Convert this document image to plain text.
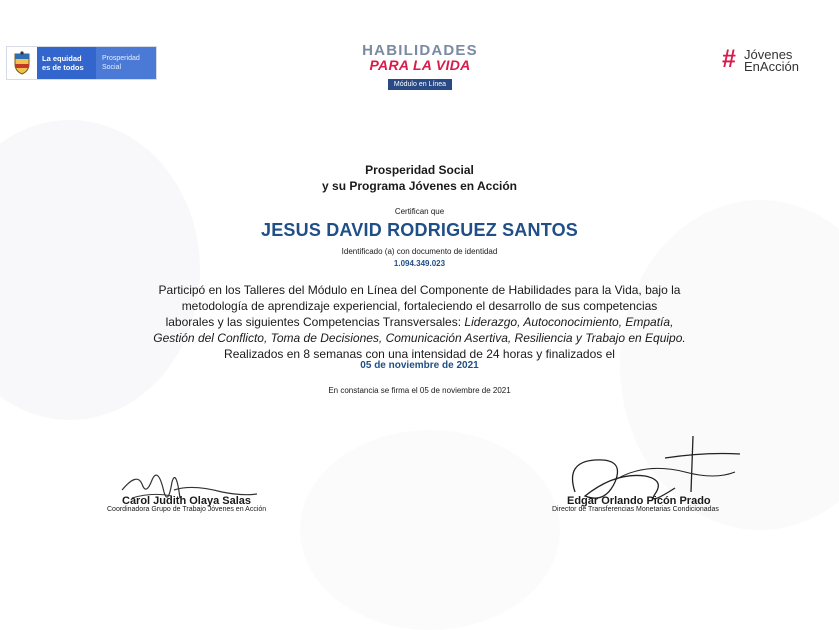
La equidad
es de todos
Prosperidad
Social
HABILIDADES
PARA LA VIDA
Módulo en Línea
# Jóvenes
EnAcción
Prosperidad Social
y su Programa Jóvenes en Acción
Certifican que
JESUS DAVID RODRIGUEZ SANTOS
Identificado (a) con documento de identidad
1.094.349.023
Participó en los Talleres del Módulo en Línea del Componente de Habilidades para la Vida, bajo la
metodología de aprendizaje experiencial, fortaleciendo el desarrollo de sus competencias
laborales y las siguientes Competencias Transversales: Liderazgo, Autoconocimiento, Empatía,
Gestión del Conflicto, Toma de Decisiones, Comunicación Asertiva, Resiliencia y Trabajo en Equipo.
Realizados en 8 semanas con una intensidad de 24 horas y finalizados el
05 de noviembre de 2021
En constancia se firma el 05 de noviembre de 2021
Carol Judith Olaya Salas
Coordinadora Grupo de Trabajo Jóvenes en Acción
Edgar Orlando Picón Prado
Director de Transferencias Monetarias Condicionadas
